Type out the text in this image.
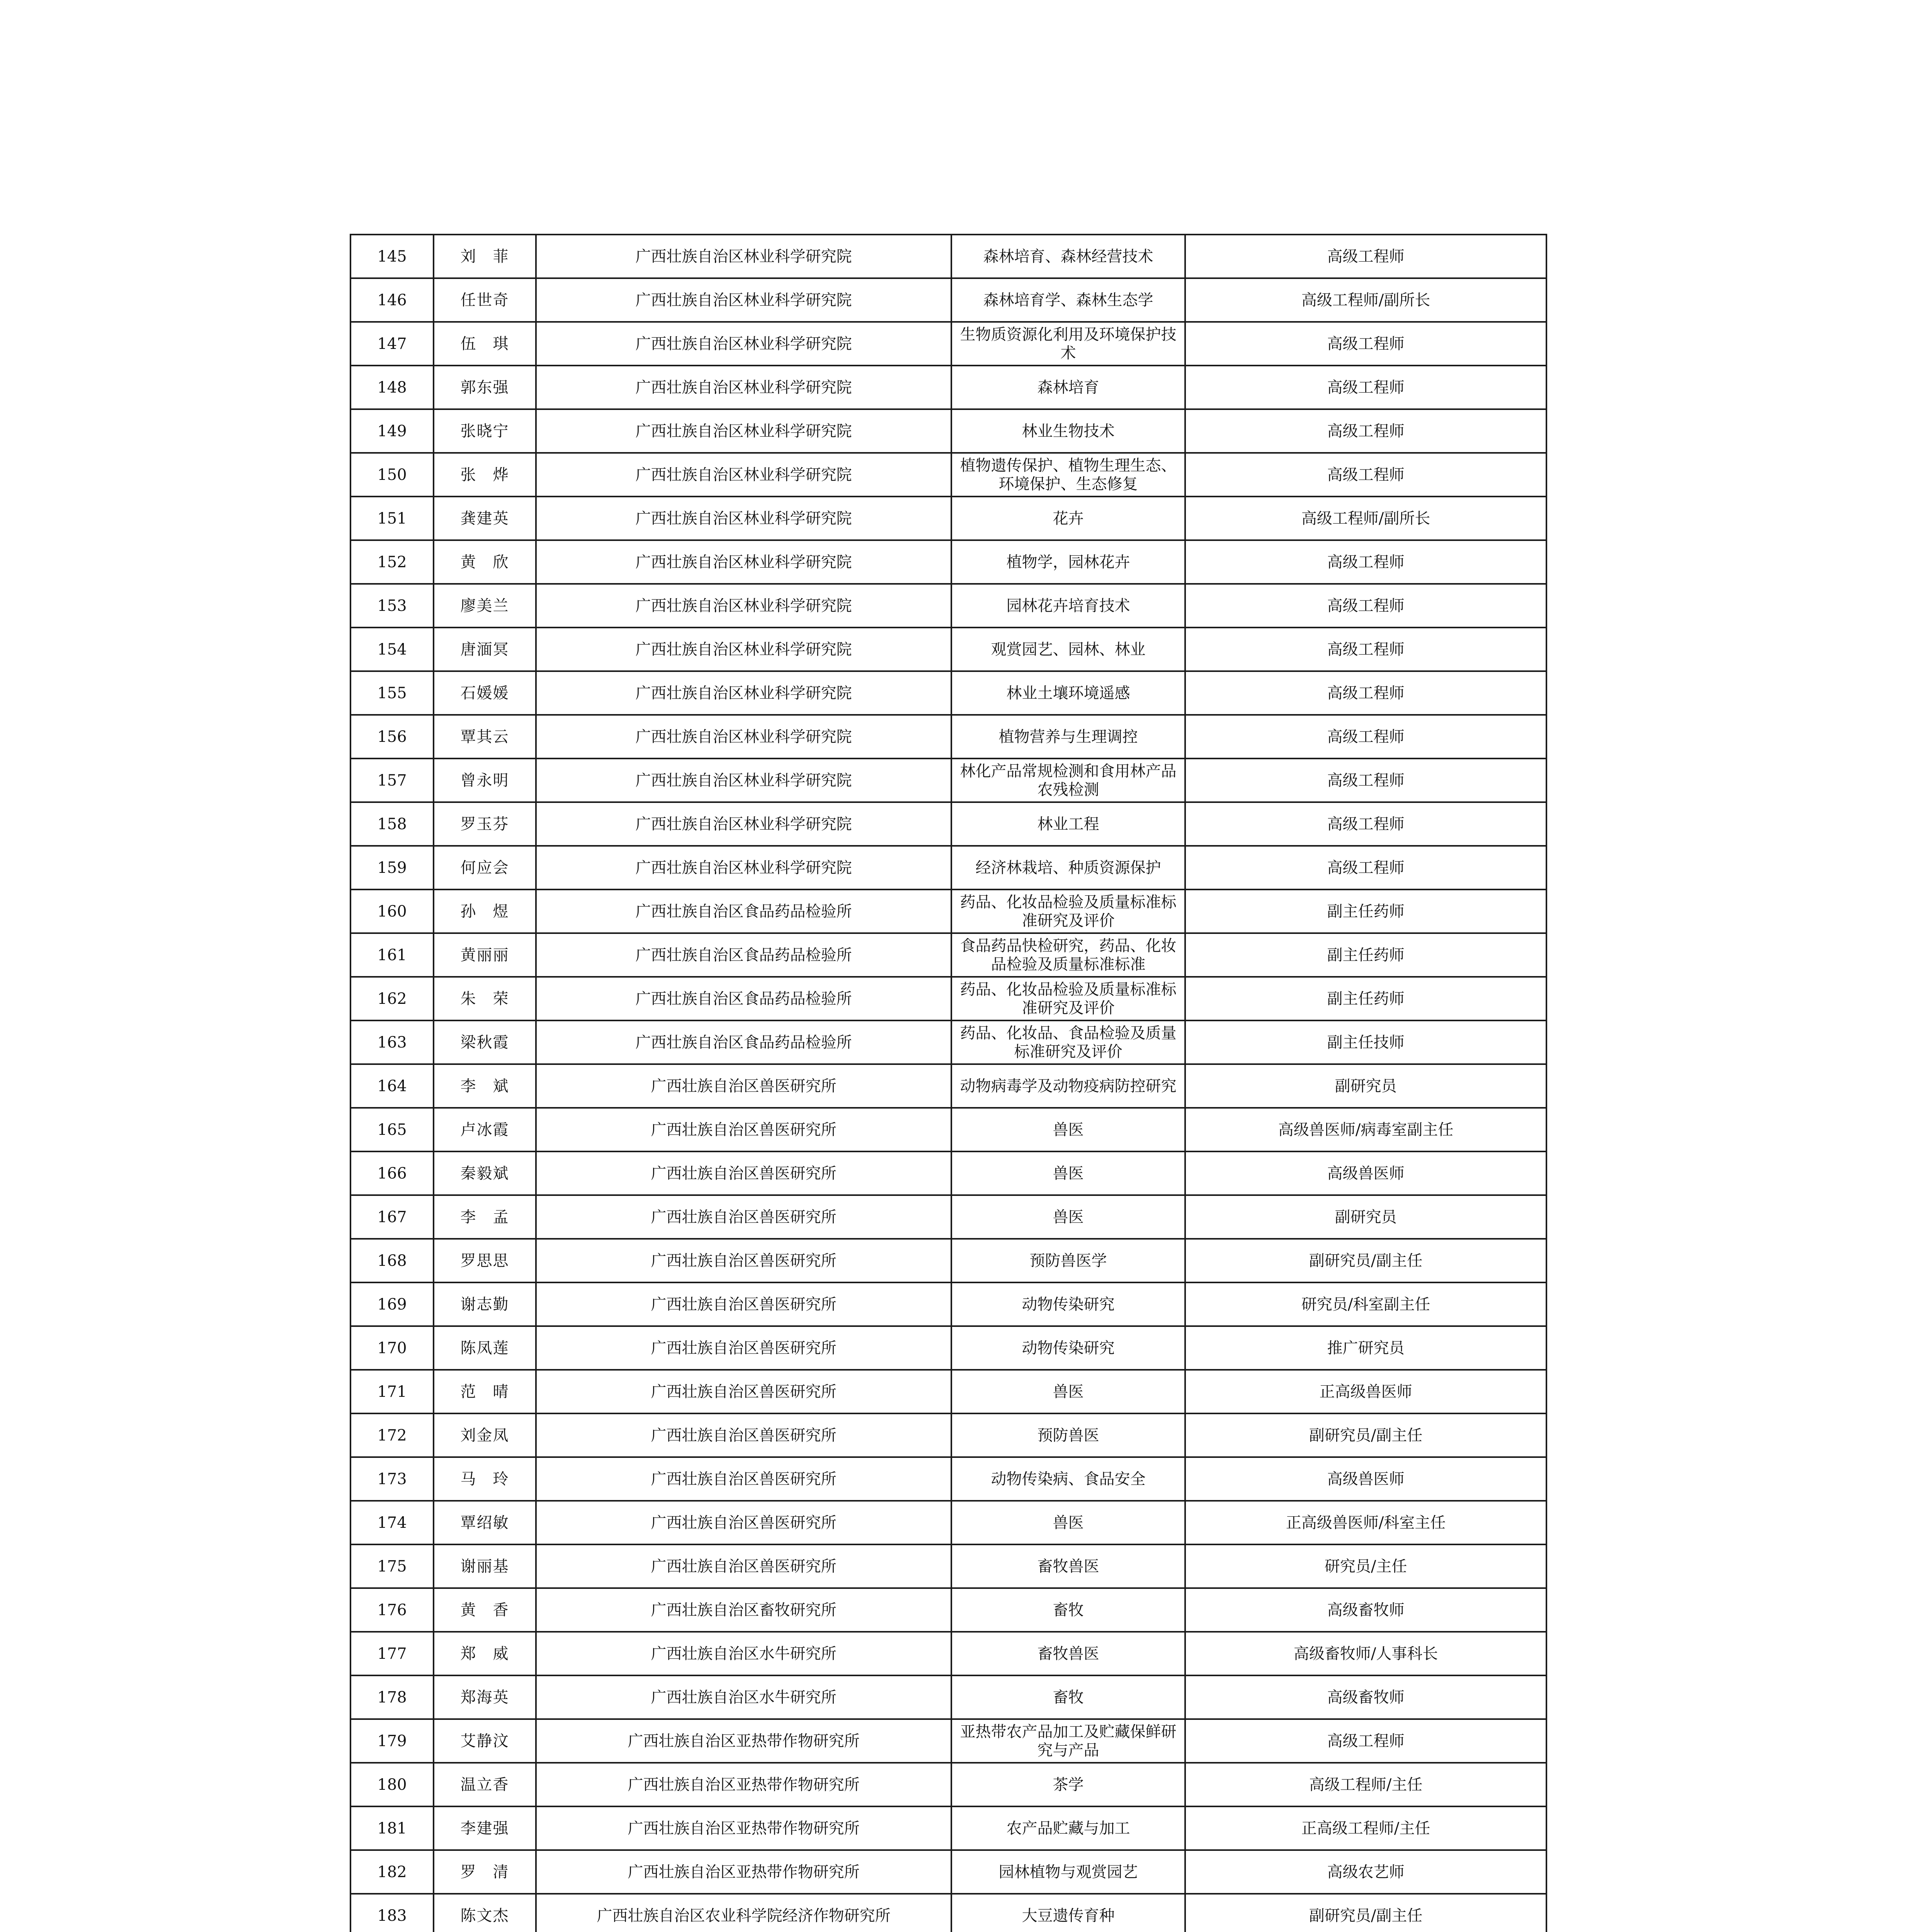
145	刘　菲	广西壮族自治区林业科学研究院	森林培育、森林经营技术	高级工程师
146	任世奇	广西壮族自治区林业科学研究院	森林培育学、森林生态学	高级工程师/副所长
147	伍　琪	广西壮族自治区林业科学研究院	生物质资源化利用及环境保护技术	高级工程师
148	郭东强	广西壮族自治区林业科学研究院	森林培育	高级工程师
149	张晓宁	广西壮族自治区林业科学研究院	林业生物技术	高级工程师
150	张　烨	广西壮族自治区林业科学研究院	植物遗传保护、植物生理生态、环境保护、生态修复	高级工程师
151	龚建英	广西壮族自治区林业科学研究院	花卉	高级工程师/副所长
152	黄　欣	广西壮族自治区林业科学研究院	植物学，园林花卉	高级工程师
153	廖美兰	广西壮族自治区林业科学研究院	园林花卉培育技术	高级工程师
154	唐湎冥	广西壮族自治区林业科学研究院	观赏园艺、园林、林业	高级工程师
155	石媛媛	广西壮族自治区林业科学研究院	林业土壤环境遥感	高级工程师
156	覃其云	广西壮族自治区林业科学研究院	植物营养与生理调控	高级工程师
157	曾永明	广西壮族自治区林业科学研究院	林化产品常规检测和食用林产品农残检测	高级工程师
158	罗玉芬	广西壮族自治区林业科学研究院	林业工程	高级工程师
159	何应会	广西壮族自治区林业科学研究院	经济林栽培、种质资源保护	高级工程师
160	孙　煜	广西壮族自治区食品药品检验所	药品、化妆品检验及质量标准标准研究及评价	副主任药师
161	黄丽丽	广西壮族自治区食品药品检验所	食品药品快检研究，药品、化妆品检验及质量标准标准	副主任药师
162	朱　荣	广西壮族自治区食品药品检验所	药品、化妆品检验及质量标准标准研究及评价	副主任药师
163	梁秋霞	广西壮族自治区食品药品检验所	药品、化妆品、食品检验及质量标准研究及评价	副主任技师
164	李　斌	广西壮族自治区兽医研究所	动物病毒学及动物疫病防控研究	副研究员
165	卢冰霞	广西壮族自治区兽医研究所	兽医	高级兽医师/病毒室副主任
166	秦毅斌	广西壮族自治区兽医研究所	兽医	高级兽医师
167	李　孟	广西壮族自治区兽医研究所	兽医	副研究员
168	罗思思	广西壮族自治区兽医研究所	预防兽医学	副研究员/副主任
169	谢志勤	广西壮族自治区兽医研究所	动物传染研究	研究员/科室副主任
170	陈凤莲	广西壮族自治区兽医研究所	动物传染研究	推广研究员
171	范　晴	广西壮族自治区兽医研究所	兽医	正高级兽医师
172	刘金凤	广西壮族自治区兽医研究所	预防兽医	副研究员/副主任
173	马　玲	广西壮族自治区兽医研究所	动物传染病、食品安全	高级兽医师
174	覃绍敏	广西壮族自治区兽医研究所	兽医	正高级兽医师/科室主任
175	谢丽基	广西壮族自治区兽医研究所	畜牧兽医	研究员/主任
176	黄　香	广西壮族自治区畜牧研究所	畜牧	高级畜牧师
177	郑　威	广西壮族自治区水牛研究所	畜牧兽医	高级畜牧师/人事科长
178	郑海英	广西壮族自治区水牛研究所	畜牧	高级畜牧师
179	艾静汶	广西壮族自治区亚热带作物研究所	亚热带农产品加工及贮藏保鲜研究与产品	高级工程师
180	温立香	广西壮族自治区亚热带作物研究所	茶学	高级工程师/主任
181	李建强	广西壮族自治区亚热带作物研究所	农产品贮藏与加工	正高级工程师/主任
182	罗　清	广西壮族自治区亚热带作物研究所	园林植物与观赏园艺	高级农艺师
183	陈文杰	广西壮族自治区农业科学院经济作物研究所	大豆遗传育种	副研究员/副主任
